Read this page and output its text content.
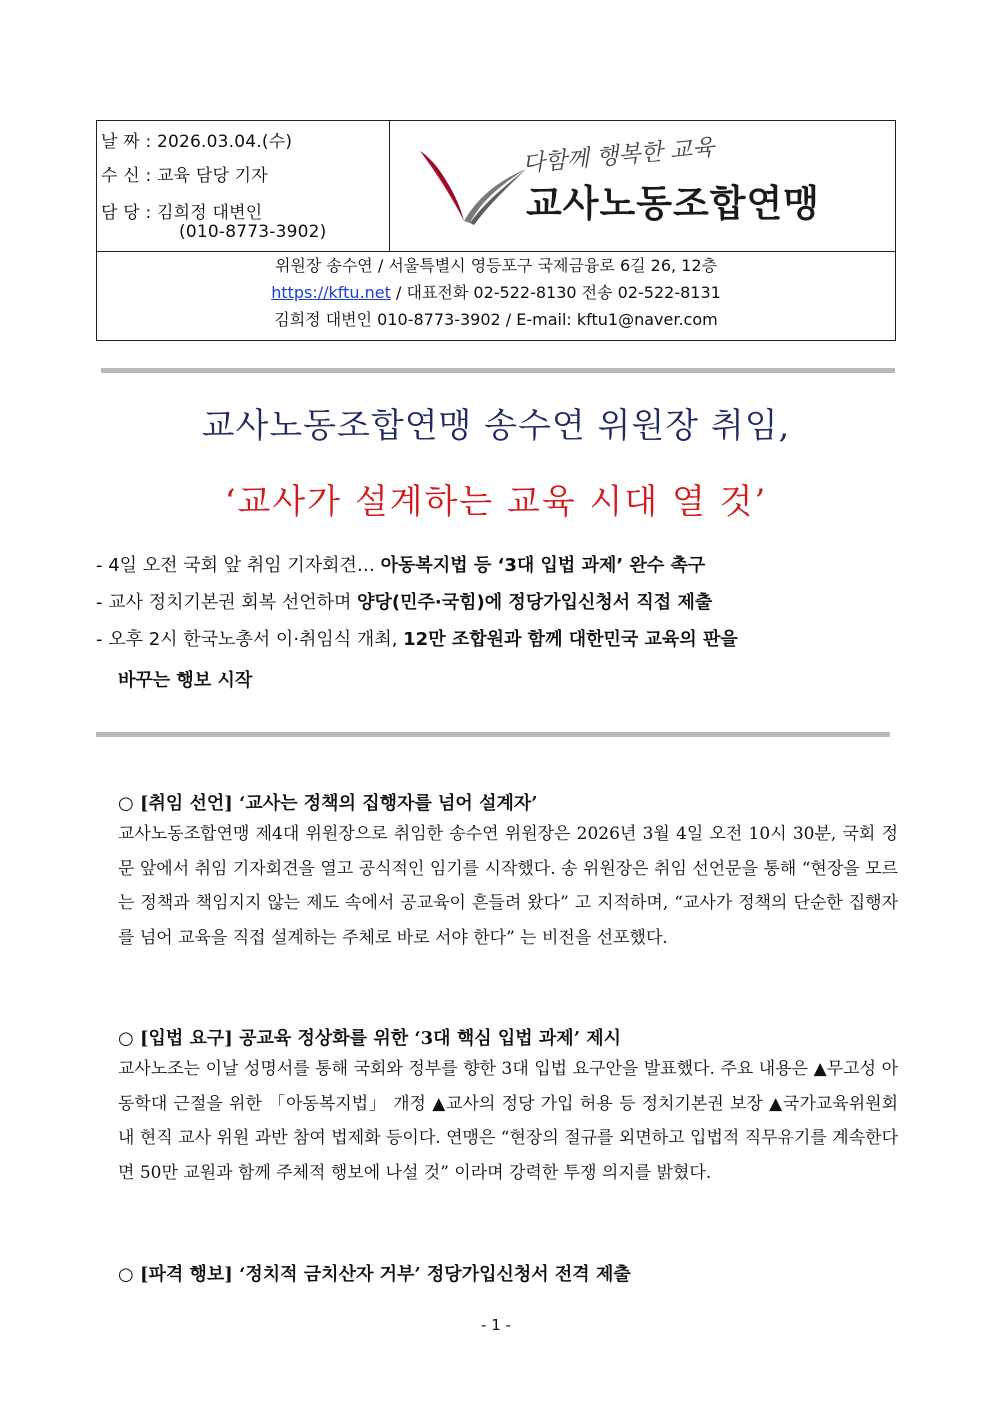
날 짜 : 2026.03.04.(수)
수 신 : 교육 담당 기자
담 당 : 김희정 대변인
(010-8773-3902)
다함께 행복한 교육
교사노동조합연맹
위원장 송수연 / 서울특별시 영등포구 국제금융로 6길 26, 12층
https://kftu.net / 대표전화 02-522-8130 전송 02-522-8131
김희정 대변인 010-8773-3902 / E-mail: kftu1@naver.com
교사노동조합연맹 송수연 위원장 취임,
‘교사가 설계하는 교육 시대 열 것’
- 4일 오전 국회 앞 취임 기자회견… 아동복지법 등 ‘3대 입법 과제’ 완수 촉구
- 교사 정치기본권 회복 선언하며 양당(민주·국힘)에 정당가입신청서 직접 제출
- 오후 2시 한국노총서 이·취임식 개최, 12만 조합원과 함께 대한민국 교육의 판을
바꾸는 행보 시작
○ [취임 선언] ‘교사는 정책의 집행자를 넘어 설계자’
교사노동조합연맹 제4대 위원장으로 취임한 송수연 위원장은 2026년 3월 4일 오전 10시 30분, 국회 정문 앞에서 취임 기자회견을 열고 공식적인 임기를 시작했다. 송 위원장은 취임 선언문을 통해 “현장을 모르는 정책과 책임지지 않는 제도 속에서 공교육이 흔들려 왔다” 고 지적하며, “교사가 정책의 단순한 집행자를 넘어 교육을 직접 설계하는 주체로 바로 서야 한다” 는 비전을 선포했다.
○ [입법 요구] 공교육 정상화를 위한 ‘3대 핵심 입법 과제’ 제시
교사노조는 이날 성명서를 통해 국회와 정부를 향한 3대 입법 요구안을 발표했다. 주요 내용은 ▲무고성 아동학대 근절을 위한 「아동복지법」 개정 ▲교사의 정당 가입 허용 등 정치기본권 보장 ▲국가교육위원회 내 현직 교사 위원 과반 참여 법제화 등이다. 연맹은 “현장의 절규를 외면하고 입법적 직무유기를 계속한다면 50만 교원과 함께 주체적 행보에 나설 것” 이라며 강력한 투쟁 의지를 밝혔다.
○ [파격 행보] ‘정치적 금치산자 거부’ 정당가입신청서 전격 제출
- 1 -
